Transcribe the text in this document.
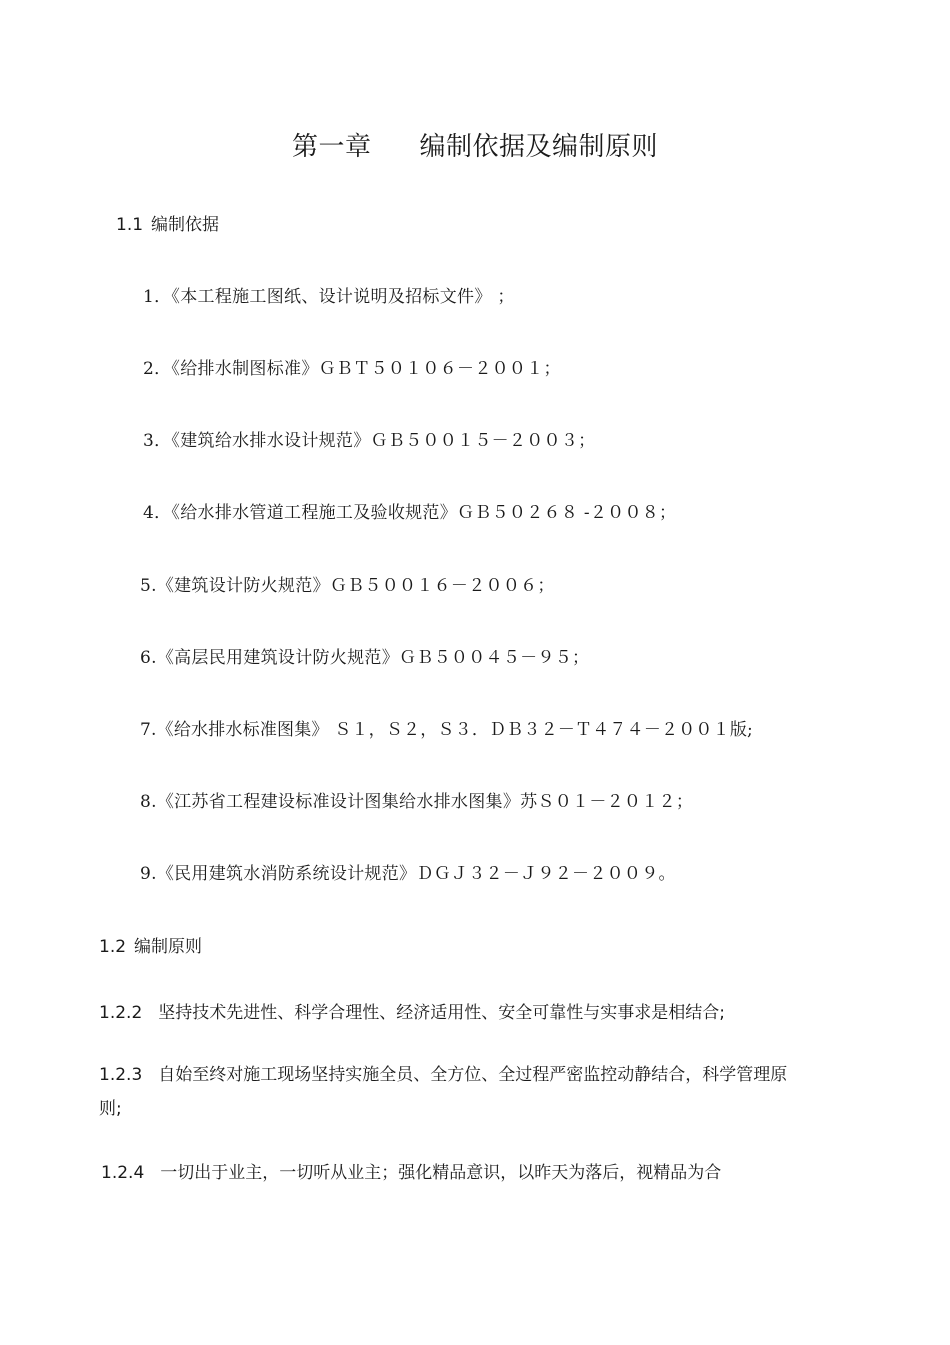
第一章 编制依据及编制原则
1.1 编制依据
1．《本工程施工图纸、设计说明及招标文件》 ；
2．《给排水制图标准》ＧＢＴ５０１０６－２００１；
3．《建筑给水排水设计规范》ＧＢ５００１５－２００３；
4．《给水排水管道工程施工及验收规范》ＧＢ５０２６８ -２００８；
5.《建筑设计防火规范》ＧＢ５００１６－２００６；
6.《高层民用建筑设计防火规范》ＧＢ５００４５－９５；
7.《给水排水标准图集》 Ｓ１，Ｓ２，Ｓ３．ＤＢ３２－Ｔ４７４－２００１版;
8.《江苏省工程建设标准设计图集给水排水图集》苏Ｓ０１－２０１２；
9.《民用建筑水消防系统设计规范》ＤＧＪ３２－Ｊ９２－２００９。
1.2 编制原则
1.2.2 坚持技术先进性、科学合理性、经济适用性、安全可靠性与实事求是相结合;
1.2.3 自始至终对施工现场坚持实施全员、全方位、全过程严密监控动静结合，科学管理原则;
1.2.4 一切出于业主，一切听从业主；强化精品意识，以昨天为落后，视精品为合
